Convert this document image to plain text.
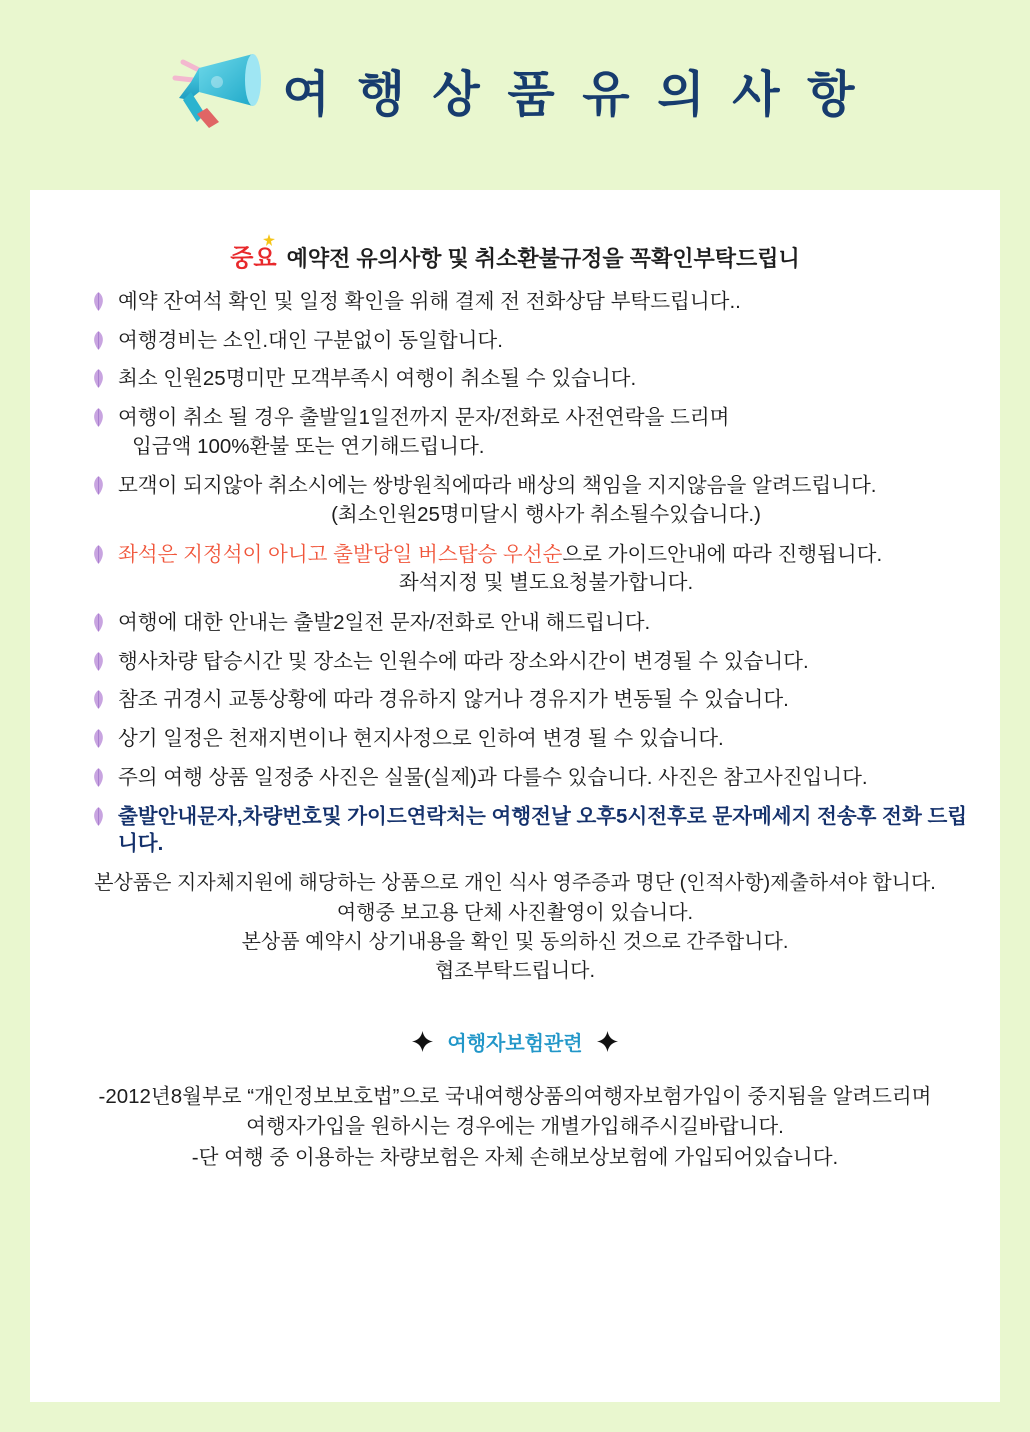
여 행 상 품 유 의 사 항
중요 예약전 유의사항 및 취소환불규정을 꼭확인부탁드립니
예약 잔여석 확인 및 일정 확인을 위해 결제 전 전화상담 부탁드립니다..
여행경비는 소인.대인 구분없이 동일합니다.
최소 인원25명미만 모객부족시 여행이 취소될 수 있습니다.
여행이 취소 될 경우 출발일1일전까지 문자/전화로 사전연락을 드리며
입금액 100%환불 또는 연기해드립니다.
모객이 되지않아 취소시에는 쌍방원칙에따라 배상의 책임을 지지않음을 알려드립니다.
(최소인원25명미달시 행사가 취소될수있습니다.)
좌석은 지정석이 아니고 출발당일 버스탑승 우선순으로 가이드안내에 따라 진행됩니다.
좌석지정 및 별도요청불가합니다.
여행에 대한 안내는 출발2일전 문자/전화로 안내 해드립니다.
행사차량 탑승시간 및 장소는 인원수에 따라 장소와시간이 변경될 수 있습니다.
참조 귀경시 교통상황에 따라 경유하지 않거나 경유지가 변동될 수 있습니다.
상기 일정은 천재지변이나 현지사정으로 인하여 변경 될 수 있습니다.
주의 여행 상품 일정중 사진은 실물(실제)과 다를수 있습니다. 사진은 참고사진입니다.
출발안내문자,차량번호및 가이드연락처는 여행전날 오후5시전후로 문자메세지 전송후 전화 드립니다.
본상품은 지자체지원에 해당하는 상품으로 개인 식사 영주증과 명단 (인적사항)제출하셔야 합니다.
여행중 보고용 단체 사진촬영이 있습니다.
본상품 예약시 상기내용을 확인 및 동의하신 것으로 간주합니다.
협조부탁드립니다.
여행자보험관련
-2012년8월부로 “개인정보보호법”으로 국내여행상품의여행자보험가입이 중지됨을 알려드리며
여행자가입을 원하시는 경우에는 개별가입해주시길바랍니다.
-단 여행 중 이용하는 차량보험은 자체 손해보상보험에 가입되어있습니다.
